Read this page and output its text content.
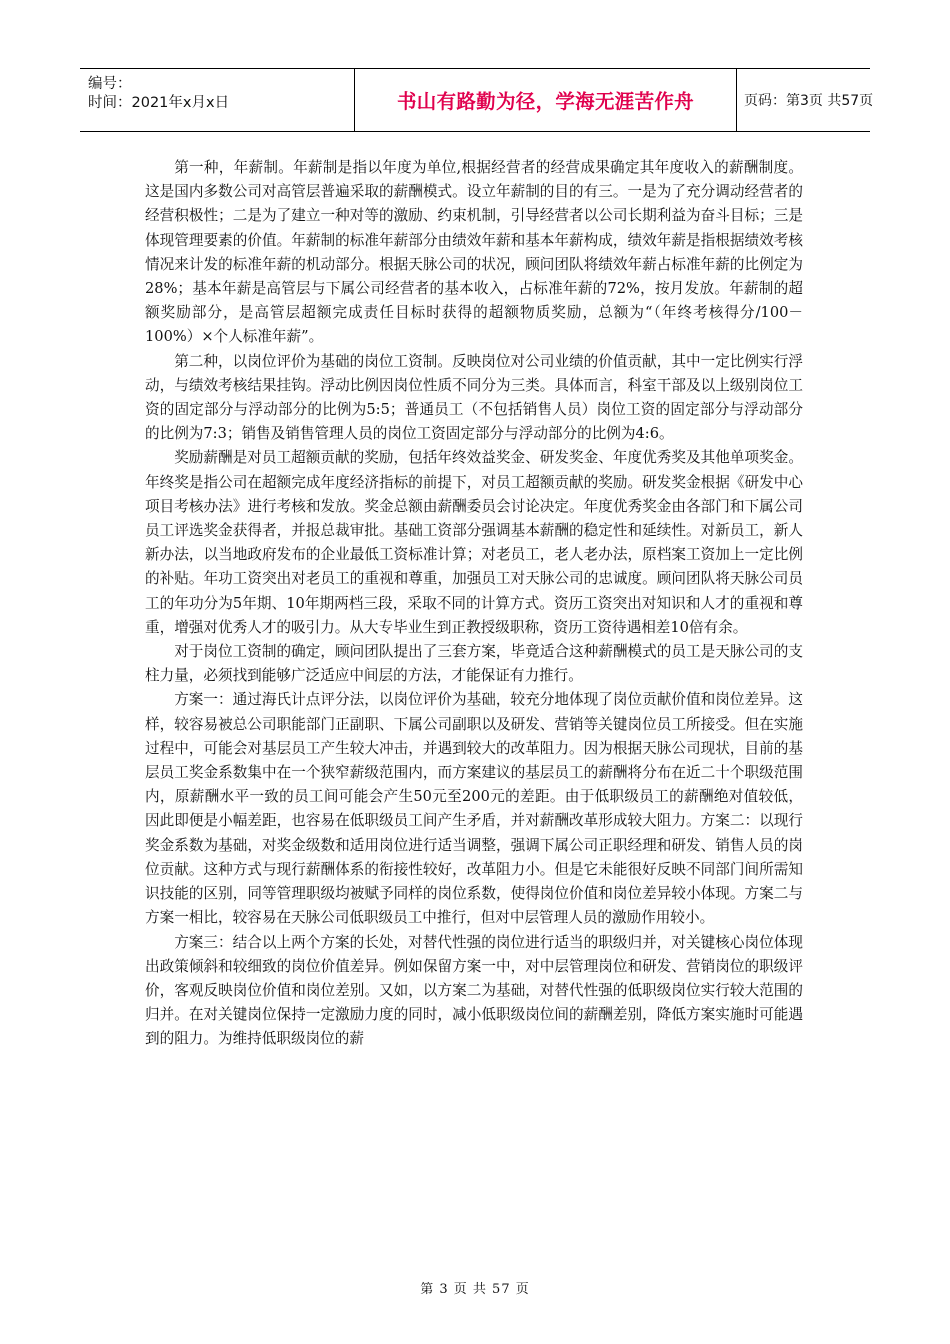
编号：
时间：2021年x月x日	书山有路勤为径，学海无涯苦作舟	页码：第3页 共57页

第一种，年薪制。年薪制是指以年度为单位,根据经营者的经营成果确定其年度收入的薪酬制度。这是国内多数公司对高管层普遍采取的薪酬模式。设立年薪制的目的有三。一是为了充分调动经营者的经营积极性；二是为了建立一种对等的激励、约束机制，引导经营者以公司长期利益为奋斗目标；三是体现管理要素的价值。年薪制的标准年薪部分由绩效年薪和基本年薪构成，绩效年薪是指根据绩效考核情况来计发的标准年薪的机动部分。根据天脉公司的状况，顾问团队将绩效年薪占标准年薪的比例定为28%；基本年薪是高管层与下属公司经营者的基本收入，占标准年薪的72%，按月发放。年薪制的超额奖励部分，是高管层超额完成责任目标时获得的超额物质奖励，总额为“（年终考核得分/100－100%）×个人标准年薪”。

第二种，以岗位评价为基础的岗位工资制。反映岗位对公司业绩的价值贡献，其中一定比例实行浮动，与绩效考核结果挂钩。浮动比例因岗位性质不同分为三类。具体而言，科室干部及以上级别岗位工资的固定部分与浮动部分的比例为5:5；普通员工（不包括销售人员）岗位工资的固定部分与浮动部分的比例为7:3；销售及销售管理人员的岗位工资固定部分与浮动部分的比例为4:6。

奖励薪酬是对员工超额贡献的奖励，包括年终效益奖金、研发奖金、年度优秀奖及其他单项奖金。年终奖是指公司在超额完成年度经济指标的前提下，对员工超额贡献的奖励。研发奖金根据《研发中心项目考核办法》进行考核和发放。奖金总额由薪酬委员会讨论决定。年度优秀奖金由各部门和下属公司员工评选奖金获得者，并报总裁审批。基础工资部分强调基本薪酬的稳定性和延续性。对新员工，新人新办法，以当地政府发布的企业最低工资标准计算；对老员工，老人老办法，原档案工资加上一定比例的补贴。年功工资突出对老员工的重视和尊重，加强员工对天脉公司的忠诚度。顾问团队将天脉公司员工的年功分为5年期、10年期两档三段，采取不同的计算方式。资历工资突出对知识和人才的重视和尊重，增强对优秀人才的吸引力。从大专毕业生到正教授级职称，资历工资待遇相差10倍有余。

对于岗位工资制的确定，顾问团队提出了三套方案，毕竟适合这种薪酬模式的员工是天脉公司的支柱力量，必须找到能够广泛适应中间层的方法，才能保证有力推行。

方案一：通过海氏计点评分法，以岗位评价为基础，较充分地体现了岗位贡献价值和岗位差异。这样，较容易被总公司职能部门正副职、下属公司副职以及研发、营销等关键岗位员工所接受。但在实施过程中，可能会对基层员工产生较大冲击，并遇到较大的改革阻力。因为根据天脉公司现状，目前的基层员工奖金系数集中在一个狭窄薪级范围内，而方案建议的基层员工的薪酬将分布在近二十个职级范围内，原薪酬水平一致的员工间可能会产生50元至200元的差距。由于低职级员工的薪酬绝对值较低，因此即便是小幅差距，也容易在低职级员工间产生矛盾，并对薪酬改革形成较大阻力。方案二：以现行奖金系数为基础，对奖金级数和适用岗位进行适当调整，强调下属公司正职经理和研发、销售人员的岗位贡献。这种方式与现行薪酬体系的衔接性较好，改革阻力小。但是它未能很好反映不同部门间所需知识技能的区别，同等管理职级均被赋予同样的岗位系数，使得岗位价值和岗位差异较小体现。方案二与方案一相比，较容易在天脉公司低职级员工中推行，但对中层管理人员的激励作用较小。

方案三：结合以上两个方案的长处，对替代性强的岗位进行适当的职级归并，对关键核心岗位体现出政策倾斜和较细致的岗位价值差异。例如保留方案一中，对中层管理岗位和研发、营销岗位的职级评价，客观反映岗位价值和岗位差别。又如，以方案二为基础，对替代性强的低职级岗位实行较大范围的归并。在对关键岗位保持一定激励力度的同时，减小低职级岗位间的薪酬差别，降低方案实施时可能遇到的阻力。为维持低职级岗位的薪

第 3 页 共 57 页
